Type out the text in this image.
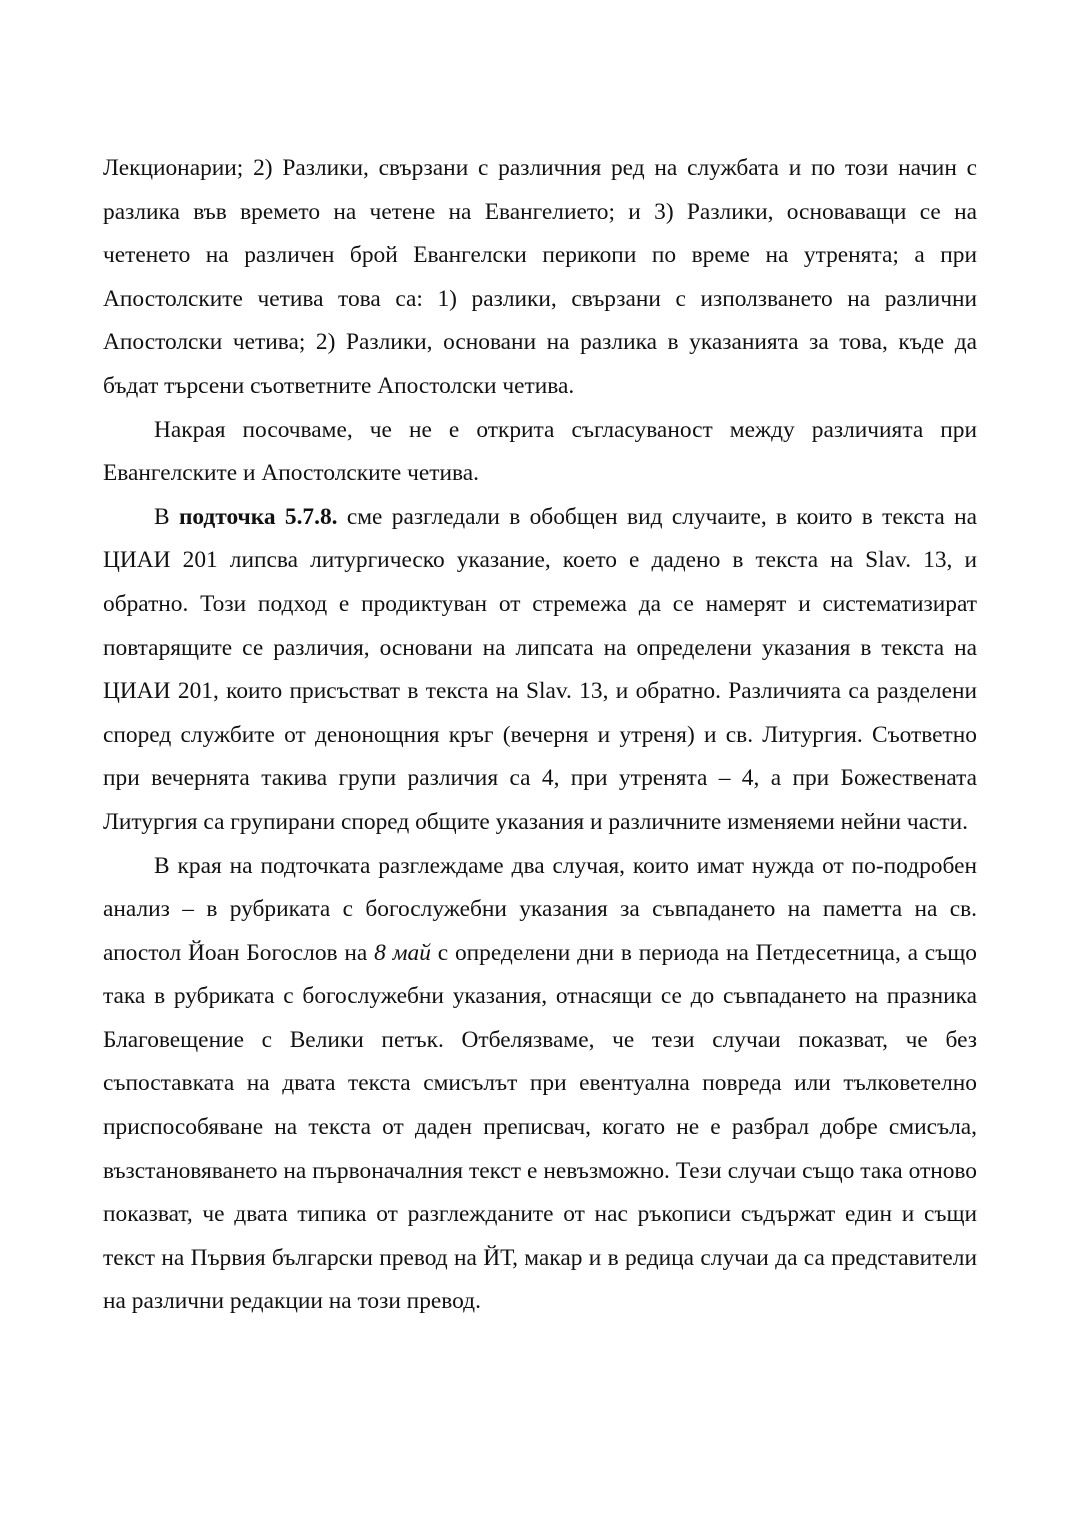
Лекционарии; 2) Разлики, свързани с различния ред на службата и по този начин с разлика във времето на четене на Евангелието; и 3) Разлики, основаващи се на четенето на различен брой Евангелски перикопи по време на утренята; а при Апостолските четива това са: 1) разлики, свързани с използването на различни Апостолски четива; 2) Разлики, основани на разлика в указанията за това, къде да бъдат търсени съответните Апостолски четива.

Накрая посочваме, че не е открита съгласуваност между различията при Евангелските и Апостолските четива.

В подточка 5.7.8. сме разгледали в обобщен вид случаите, в които в текста на ЦИАИ 201 липсва литургическо указание, което е дадено в текста на Slav. 13, и обратно. Този подход е продиктуван от стремежа да се намерят и систематизират повтарящите се различия, основани на липсата на определени указания в текста на ЦИАИ 201, които присъстват в текста на Slav. 13, и обратно. Различията са разделени според службите от денонощния кръг (вечерня и утреня) и св. Литургия. Съответно при вечернята такива групи различия са 4, при утренята – 4, а при Божествената Литургия са групирани според общите указания и различните изменяеми нейни части.

В края на подточката разглеждаме два случая, които имат нужда от по-подробен анализ – в рубриката с богослужебни указания за съвпадането на паметта на св. апостол Йоан Богослов на 8 май с определени дни в периода на Петдесетница, а също така в рубриката с богослужебни указания, отнасящи се до съвпадането на празника Благовещение с Велики петък. Отбелязваме, че тези случаи показват, че без съпоставката на двата текста смисълът при евентуална повреда или тълковетелно приспособяване на текста от даден преписвач, когато не е разбрал добре смисъла, възстановяването на първоначалния текст е невъзможно. Тези случаи също така отново показват, че двата типика от разглежданите от нас ръкописи съдържат един и същи текст на Първия български превод на ЙТ, макар и в редица случаи да са представители на различни редакции на този превод.
